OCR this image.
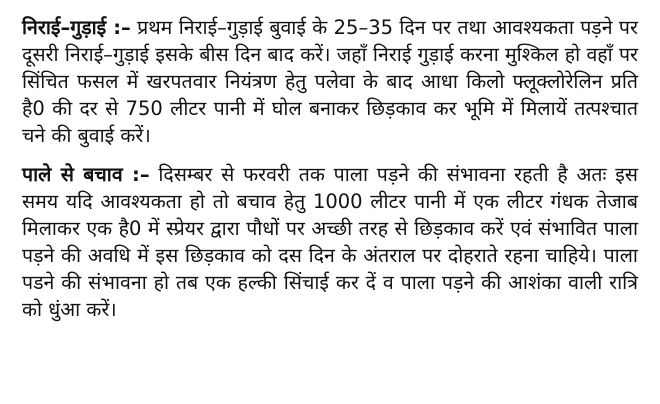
निराई–गुड़ाई :– प्रथम निराई–गुड़ाई बुवाई के 25–35 दिन पर तथा आवश्यकता पड़ने पर दूसरी निराई–गुड़ाई इसके बीस दिन बाद करें। जहॉं निराई गुड़ाई करना मुश्किल हो वहाँ पर सिंचित फसल में खरपतवार नियंत्रण हेतु पलेवा के बाद आधा किलो फ्लूक्लोरेलिन प्रति है0 की दर से 750 लीटर पानी में घोल बनाकर छिड़काव कर भूमि में मिलायें तत्पश्चात चने की बुवाई करें।

पाले से बचाव :– दिसम्बर से फरवरी तक पाला पड़ने की संभावना रहती है अतः इस समय यदि आवश्यकता हो तो बचाव हेतु 1000 लीटर पानी में एक लीटर गंधक तेजाब मिलाकर एक है0 में स्प्रेयर द्वारा पौधों पर अच्छी तरह से छिड़काव करें एवं संभावित पाला पड़ने की अवधि में इस छिड़काव को दस दिन के अंतराल पर दोहराते रहना चाहिये। पाला पडने की संभावना हो तब एक हल्की सिंचाई कर दें व पाला पड़ने की आशंका वाली रात्रि को धुंआ करें।
